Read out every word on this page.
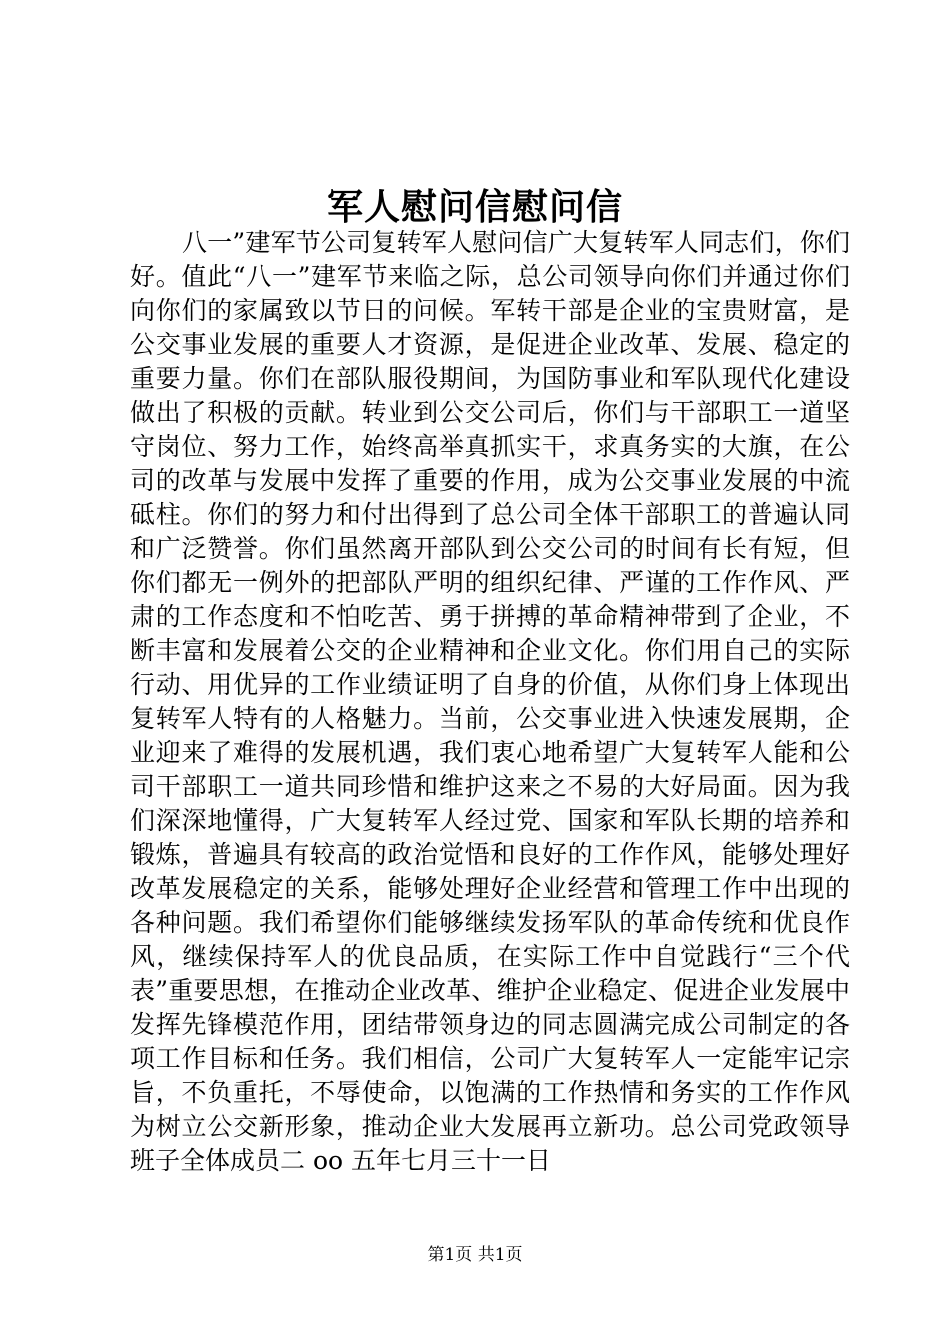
军人慰问信慰问信

八一”建军节公司复转军人慰问信广大复转军人同志们，你们好。值此“八一”建军节来临之际，总公司领导向你们并通过你们向你们的家属致以节日的问候。军转干部是企业的宝贵财富，是公交事业发展的重要人才资源，是促进企业改革、发展、稳定的重要力量。你们在部队服役期间，为国防事业和军队现代化建设做出了积极的贡献。转业到公交公司后，你们与干部职工一道坚守岗位、努力工作，始终高举真抓实干，求真务实的大旗，在公司的改革与发展中发挥了重要的作用，成为公交事业发展的中流砥柱。你们的努力和付出得到了总公司全体干部职工的普遍认同和广泛赞誉。你们虽然离开部队到公交公司的时间有长有短，但你们都无一例外的把部队严明的组织纪律、严谨的工作作风、严肃的工作态度和不怕吃苦、勇于拼搏的革命精神带到了企业，不断丰富和发展着公交的企业精神和企业文化。你们用自己的实际行动、用优异的工作业绩证明了自身的价值，从你们身上体现出复转军人特有的人格魅力。当前，公交事业进入快速发展期，企业迎来了难得的发展机遇，我们衷心地希望广大复转军人能和公司干部职工一道共同珍惜和维护这来之不易的大好局面。因为我们深深地懂得，广大复转军人经过党、国家和军队长期的培养和锻炼，普遍具有较高的政治觉悟和良好的工作作风，能够处理好改革发展稳定的关系，能够处理好企业经营和管理工作中出现的各种问题。我们希望你们能够继续发扬军队的革命传统和优良作风，继续保持军人的优良品质，在实际工作中自觉践行“三个代表”重要思想，在推动企业改革、维护企业稳定、促进企业发展中发挥先锋模范作用，团结带领身边的同志圆满完成公司制定的各项工作目标和任务。我们相信，公司广大复转军人一定能牢记宗旨，不负重托，不辱使命，以饱满的工作热情和务实的工作作风为树立公交新形象，推动企业大发展再立新功。总公司党政领导班子全体成员二 oo 五年七月三十一日

第1页 共1页
